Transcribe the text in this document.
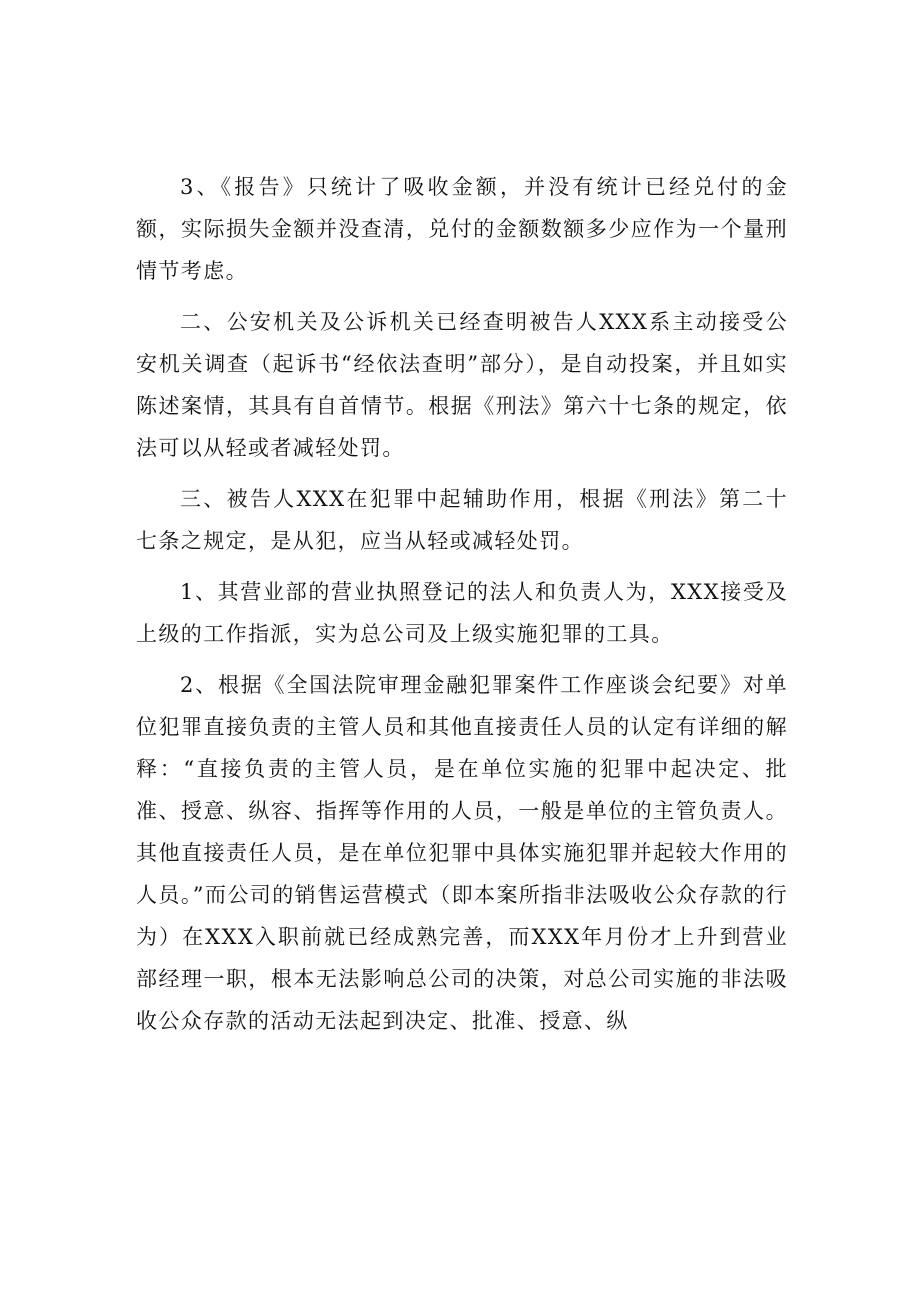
3、《报告》只统计了吸收金额，并没有统计已经兑付的金额，实际损失金额并没查清，兑付的金额数额多少应作为一个量刑情节考虑。

二、公安机关及公诉机关已经查明被告人XXX系主动接受公安机关调查（起诉书“经依法查明”部分），是自动投案，并且如实陈述案情，其具有自首情节。根据《刑法》第六十七条的规定，依法可以从轻或者减轻处罚。

三、被告人XXX在犯罪中起辅助作用，根据《刑法》第二十七条之规定，是从犯，应当从轻或减轻处罚。

1、其营业部的营业执照登记的法人和负责人为，XXX接受及上级的工作指派，实为总公司及上级实施犯罪的工具。

2、根据《全国法院审理金融犯罪案件工作座谈会纪要》对单位犯罪直接负责的主管人员和其他直接责任人员的认定有详细的解释：“直接负责的主管人员，是在单位实施的犯罪中起决定、批准、授意、纵容、指挥等作用的人员，一般是单位的主管负责人。其他直接责任人员，是在单位犯罪中具体实施犯罪并起较大作用的人员。”而公司的销售运营模式（即本案所指非法吸收公众存款的行为）在XXX入职前就已经成熟完善，而XXX年月份才上升到营业部经理一职，根本无法影响总公司的决策，对总公司实施的非法吸收公众存款的活动无法起到决定、批准、授意、纵
